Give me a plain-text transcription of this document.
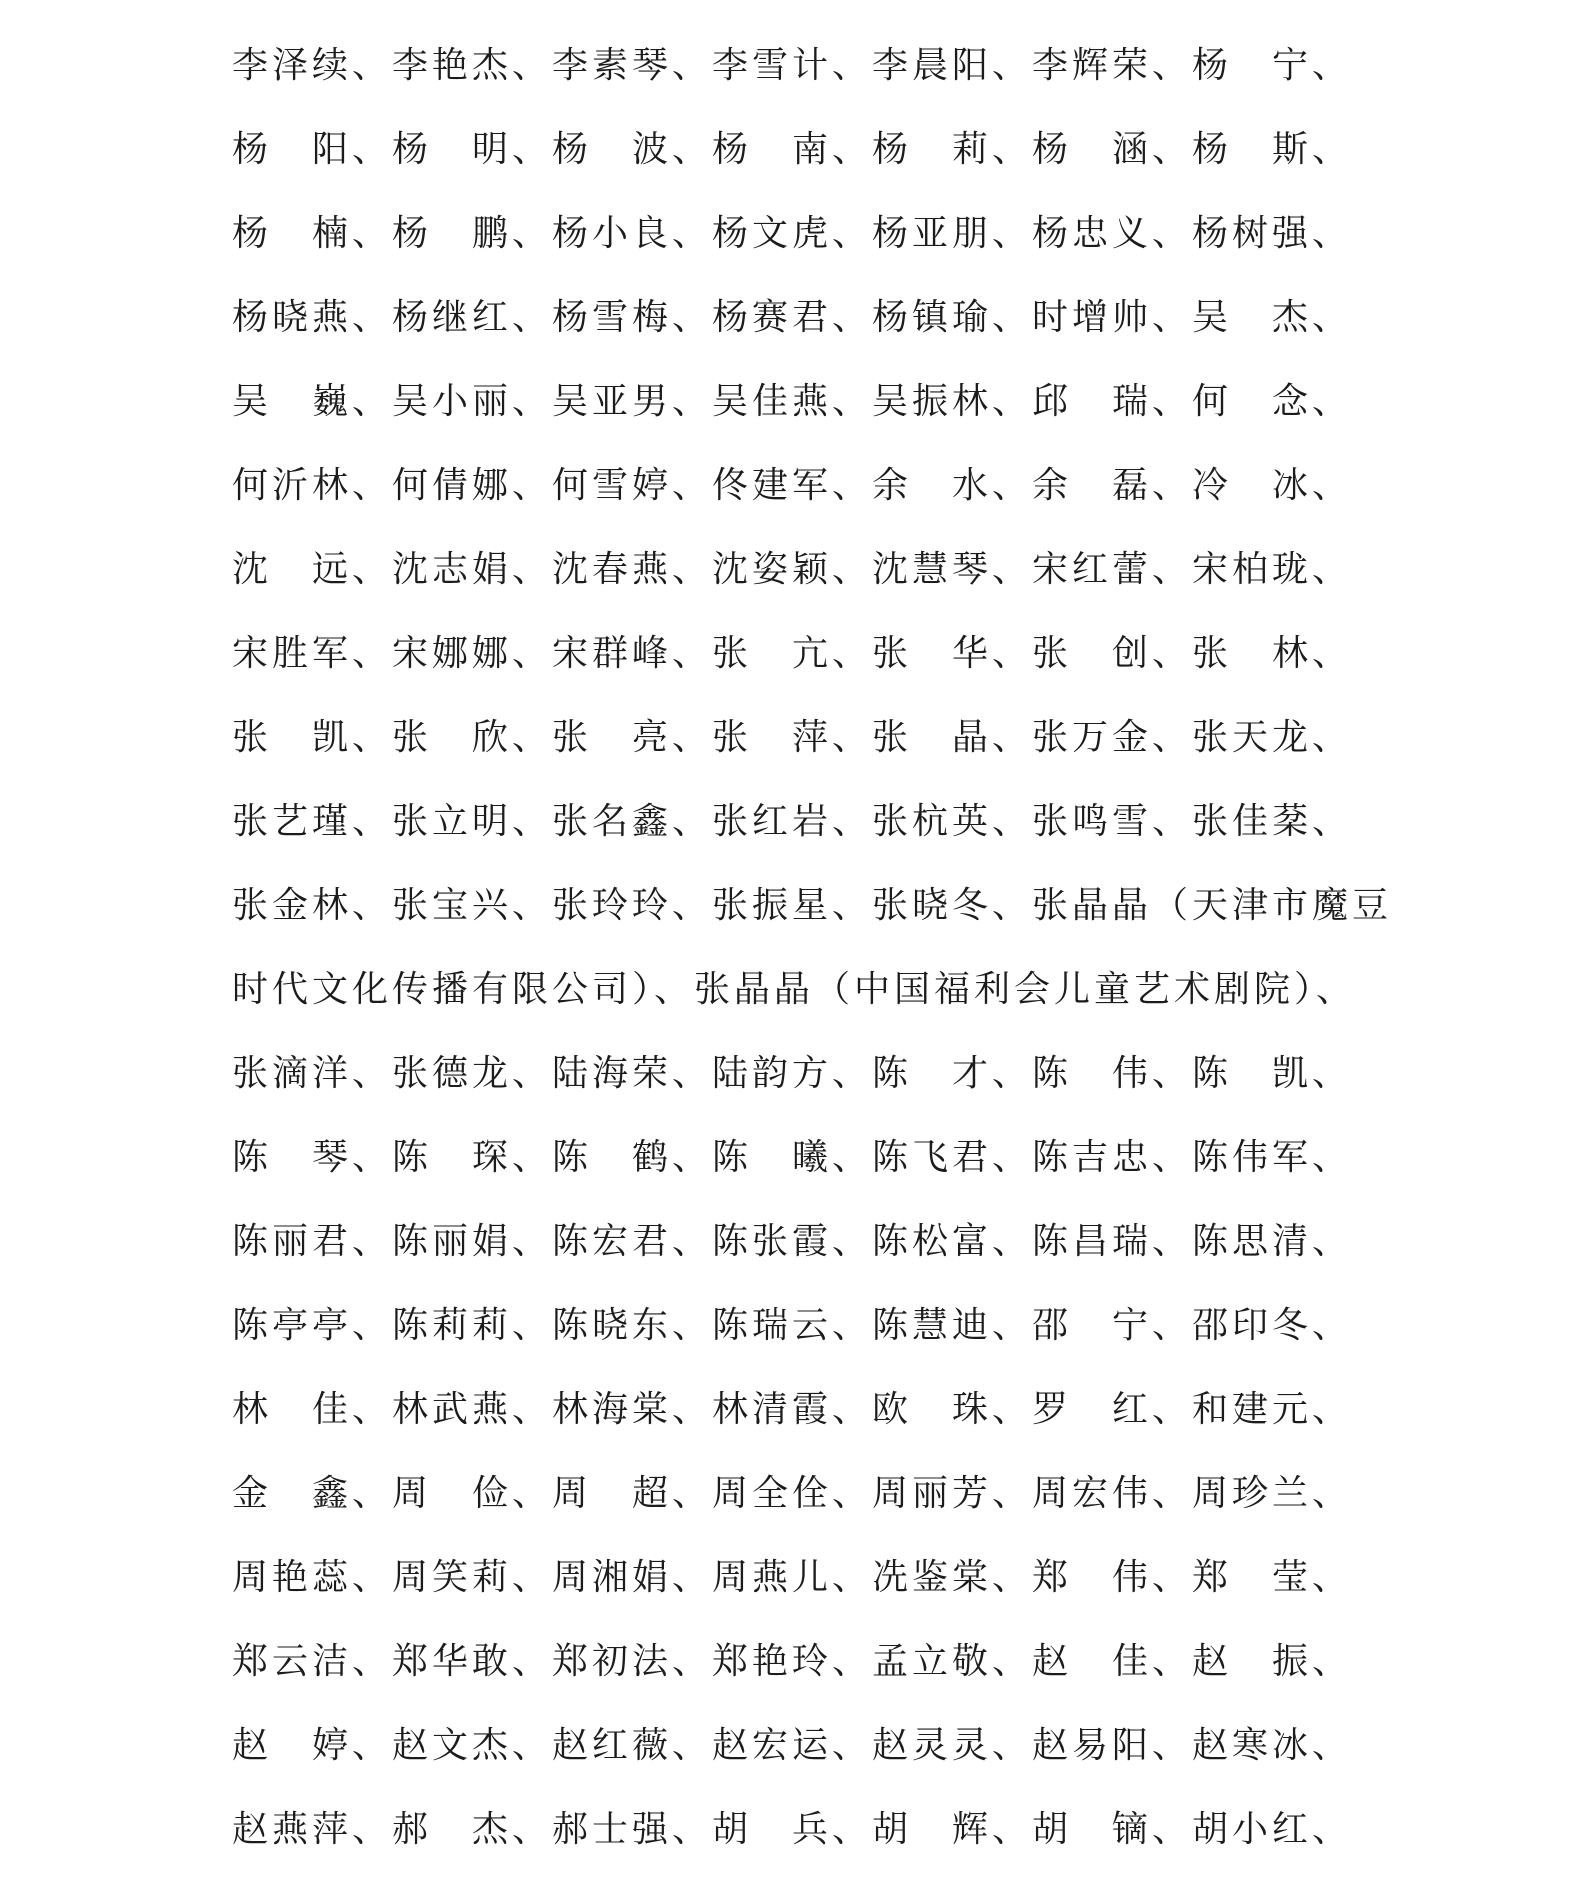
李泽续、李艳杰、李素琴、李雪计、李晨阳、李辉荣、杨　宁、
杨　阳、杨　明、杨　波、杨　南、杨　莉、杨　涵、杨　斯、
杨　楠、杨　鹏、杨小良、杨文虎、杨亚朋、杨忠义、杨树强、
杨晓燕、杨继红、杨雪梅、杨赛君、杨镇瑜、时增帅、吴　杰、
吴　巍、吴小丽、吴亚男、吴佳燕、吴振林、邱　瑞、何　念、
何沂林、何倩娜、何雪婷、佟建军、余　水、余　磊、冷　冰、
沈　远、沈志娟、沈春燕、沈姿颖、沈慧琴、宋红蕾、宋柏珑、
宋胜军、宋娜娜、宋群峰、张　亢、张　华、张　创、张　林、
张　凯、张　欣、张　亮、张　萍、张　晶、张万金、张天龙、
张艺瑾、张立明、张名鑫、张红岩、张杭英、张鸣雪、张佳棻、
张金林、张宝兴、张玲玲、张振星、张晓冬、张晶晶（天津市魔豆
时代文化传播有限公司）、张晶晶（中国福利会儿童艺术剧院）、
张滴洋、张德龙、陆海荣、陆韵方、陈　才、陈　伟、陈　凯、
陈　琴、陈　琛、陈　鹤、陈　曦、陈飞君、陈吉忠、陈伟军、
陈丽君、陈丽娟、陈宏君、陈张霞、陈松富、陈昌瑞、陈思清、
陈亭亭、陈莉莉、陈晓东、陈瑞云、陈慧迪、邵　宁、邵印冬、
林　佳、林武燕、林海棠、林清霞、欧　珠、罗　红、和建元、
金　鑫、周　俭、周　超、周全佺、周丽芳、周宏伟、周珍兰、
周艳蕊、周笑莉、周湘娟、周燕儿、冼鉴棠、郑　伟、郑　莹、
郑云洁、郑华敢、郑初法、郑艳玲、孟立敬、赵　佳、赵　振、
赵　婷、赵文杰、赵红薇、赵宏运、赵灵灵、赵易阳、赵寒冰、
赵燕萍、郝　杰、郝士强、胡　兵、胡　辉、胡　镝、胡小红、
